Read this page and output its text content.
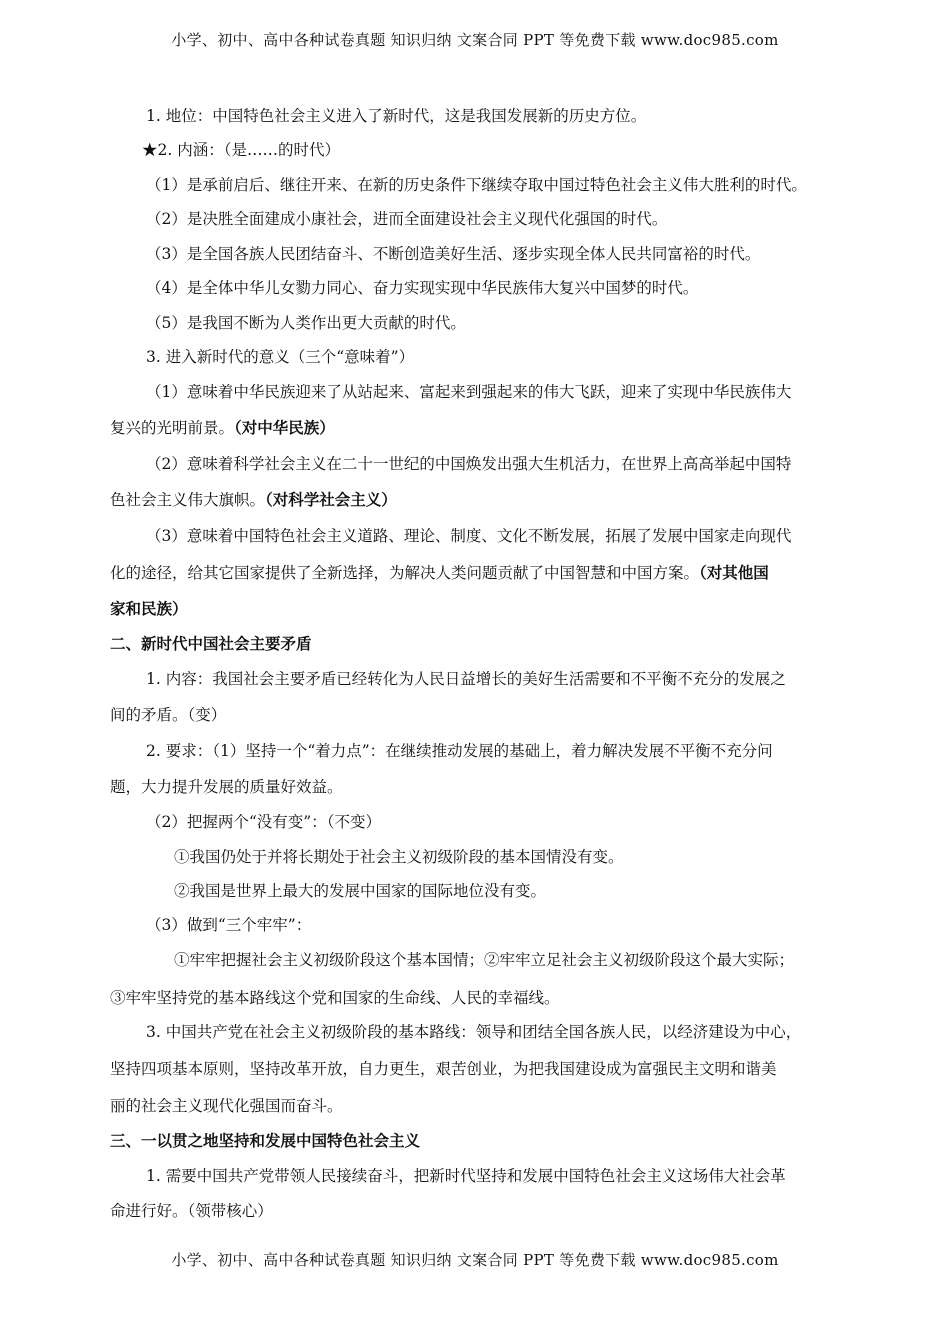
小学、初中、高中各种试卷真题 知识归纳 文案合同 PPT 等免费下载 www.doc985.com
1. 地位：中国特色社会主义进入了新时代，这是我国发展新的历史方位。
★2. 内涵：（是……的时代）
（1）是承前启后、继往开来、在新的历史条件下继续夺取中国过特色社会主义伟大胜利的时代。
（2）是决胜全面建成小康社会，进而全面建设社会主义现代化强国的时代。
（3）是全国各族人民团结奋斗、不断创造美好生活、逐步实现全体人民共同富裕的时代。
（4）是全体中华儿女勠力同心、奋力实现实现中华民族伟大复兴中国梦的时代。
（5）是我国不断为人类作出更大贡献的时代。
3. 进入新时代的意义（三个“意味着”）
（1）意味着中华民族迎来了从站起来、富起来到强起来的伟大飞跃，迎来了实现中华民族伟大
复兴的光明前景。（对中华民族）
（2）意味着科学社会主义在二十一世纪的中国焕发出强大生机活力，在世界上高高举起中国特
色社会主义伟大旗帜。（对科学社会主义）
（3）意味着中国特色社会主义道路、理论、制度、文化不断发展，拓展了发展中国家走向现代
化的途径，给其它国家提供了全新选择，为解决人类问题贡献了中国智慧和中国方案。（对其他国
家和民族）
二、新时代中国社会主要矛盾
1. 内容：我国社会主要矛盾已经转化为人民日益增长的美好生活需要和不平衡不充分的发展之
间的矛盾。（变）
2. 要求：（1）坚持一个“着力点”：在继续推动发展的基础上，着力解决发展不平衡不充分问
题，大力提升发展的质量好效益。
（2）把握两个“没有变”：（不变）
①我国仍处于并将长期处于社会主义初级阶段的基本国情没有变。
②我国是世界上最大的发展中国家的国际地位没有变。
（3）做到“三个牢牢”：
①牢牢把握社会主义初级阶段这个基本国情；②牢牢立足社会主义初级阶段这个最大实际；
③牢牢坚持党的基本路线这个党和国家的生命线、人民的幸福线。
3. 中国共产党在社会主义初级阶段的基本路线：领导和团结全国各族人民，以经济建设为中心，
坚持四项基本原则，坚持改革开放，自力更生，艰苦创业，为把我国建设成为富强民主文明和谐美
丽的社会主义现代化强国而奋斗。
三、一以贯之地坚持和发展中国特色社会主义
1. 需要中国共产党带领人民接续奋斗，把新时代坚持和发展中国特色社会主义这场伟大社会革
命进行好。（领带核心）
小学、初中、高中各种试卷真题 知识归纳 文案合同 PPT 等免费下载 www.doc985.com
